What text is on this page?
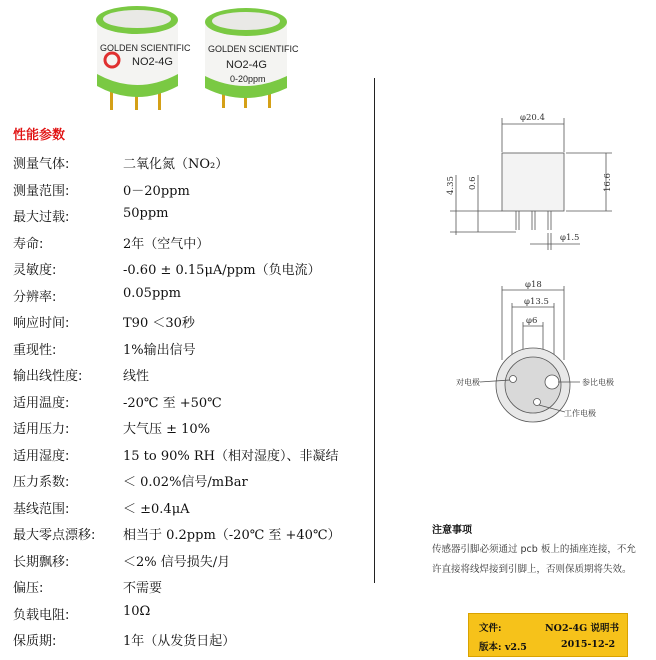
GOLDEN SCIENTIFIC
NO2-4G
GOLDEN SCIENTIFIC
NO2-4G
0-20ppm
性能参数
测量气体:	二氧化氮（NO₂）
测量范围:	0－20ppm
最大过载:	50ppm
寿命:	2年（空气中）
灵敏度:	-0.60 ± 0.15μA/ppm（负电流）
分辨率:	0.05ppm
响应时间:	T90 ＜30秒
重现性:	1%输出信号
输出线性度:	线性
适用温度:	-20℃ 至 +50℃
适用压力:	大气压 ± 10%
适用湿度:	15 to 90% RH（相对湿度）、非凝结
压力系数:	＜ 0.02%信号/mBar
基线范围:	＜ ±0.4μA
最大零点漂移: 相当于 0.2ppm（-20℃ 至 +40℃）
长期飘移:	＜2% 信号损失/月
偏压:	不需要
负载电阻:	10Ω
保质期:	1年（从发货日起）
φ20.4
16.6
4.35 0.6
φ1.5
φ18
φ13.5
φ6
对电极	参比电极
工作电极
注意事项
传感器引脚必须通过 pcb 板上的插座连接，不允
许直接将线焊接到引脚上，否则保质期将失效。
文件:	NO2-4G 说明书
版本: v2.5	2015-12-2
